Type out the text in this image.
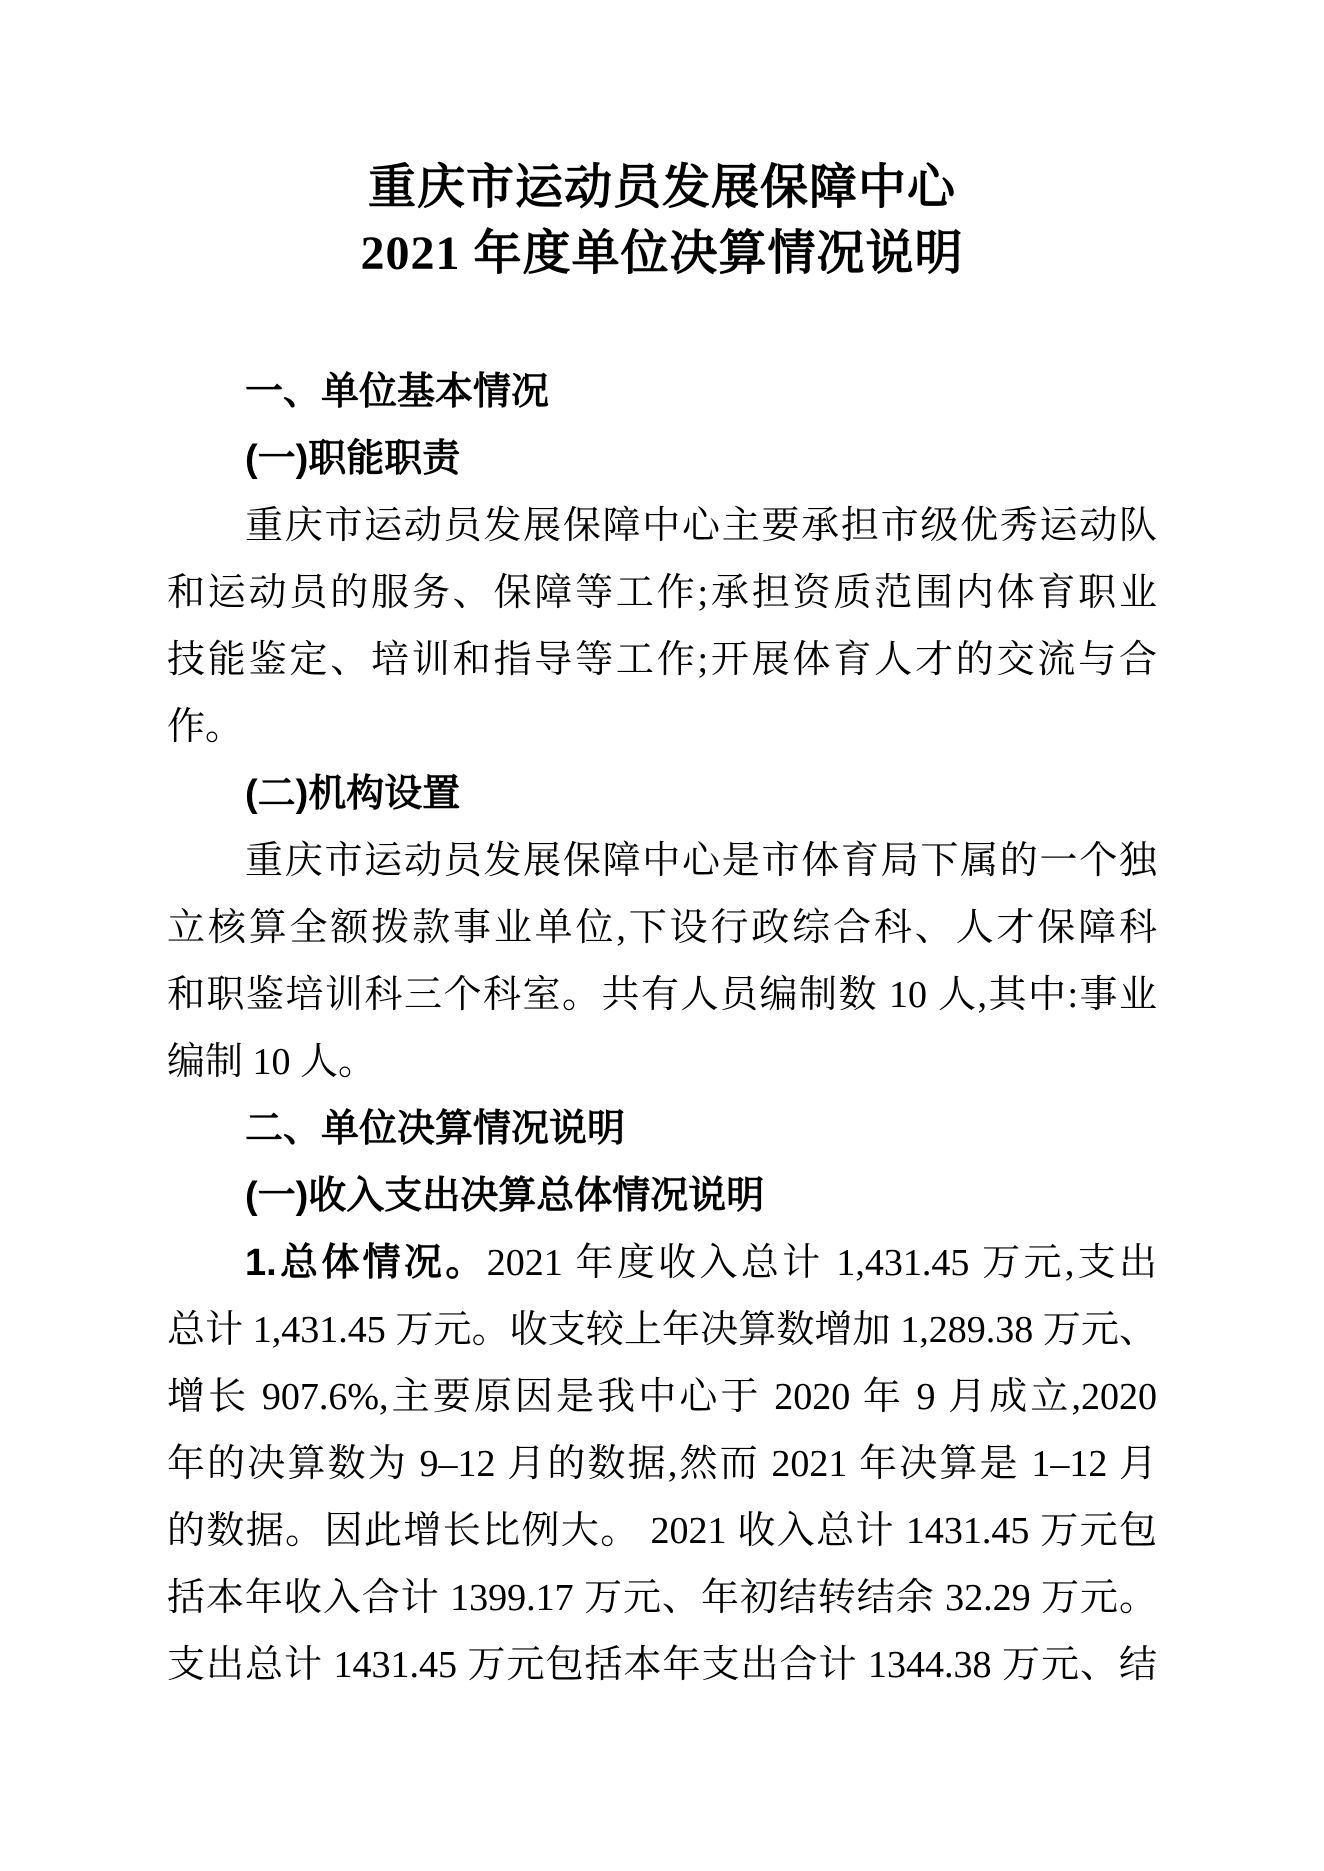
重庆市运动员发展保障中心
2021 年度单位决算情况说明
一、单位基本情况
(一)职能职责
重庆市运动员发展保障中心主要承担市级优秀运动队
和运动员的服务、保障等工作;承担资质范围内体育职业
技能鉴定、培训和指导等工作;开展体育人才的交流与合
作。
(二)机构设置
重庆市运动员发展保障中心是市体育局下属的一个独
立核算全额拨款事业单位,下设行政综合科、人才保障科
和职鉴培训科三个科室。共有人员编制数 10 人,其中:事业
编制 10 人。
二、单位决算情况说明
(一)收入支出决算总体情况说明
1.总体情况。2021 年度收入总计 1,431.45 万元,支出
总计 1,431.45 万元。收支较上年决算数增加 1,289.38 万元、
增长 907.6%,主要原因是我中心于 2020 年 9 月成立,2020
年的决算数为 9–12 月的数据,然而 2021 年决算是 1–12 月
的数据。因此增长比例大。 2021 收入总计 1431.45 万元包
括本年收入合计 1399.17 万元、年初结转结余 32.29 万元。
支出总计 1431.45 万元包括本年支出合计 1344.38 万元、结
